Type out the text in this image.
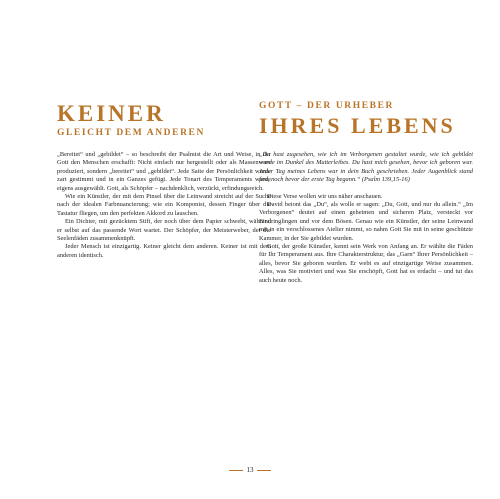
KEINER
GLEICHT DEM ANDEREN
GOTT – DER URHEBER
IHRES LEBENS

„Bereitet“ und „gebildet“ – so beschreibt der Psalmist die Art und Weise, in der Gott den Menschen erschafft: Nicht einfach nur hergestellt oder als Massenware produziert, sondern „bereitet“ und „gebildet“. Jede Saite der Persönlichkeit wurde zart gestimmt und in ein Ganzes gefügt. Jede Tonart des Temperaments wurde eigens ausgewählt. Gott, als Schöpfer – nachdenklich, verzückt, erfindungsreich.

Wie ein Künstler, der mit dem Pinsel über die Leinwand streicht auf der Suche nach der idealen Farbnuancierung; wie ein Komponist, dessen Finger über die Tastatur fliegen, um den perfekten Akkord zu lauschen.

Ein Dichter, mit gezücktem Stift, der noch über dem Papier schwebt, während er selbst auf das passende Wort wartet. Der Schöpfer, der Meisterweber, der die Seelenfäden zusammenknüpft.

Jeder Mensch ist einzigartig. Keiner gleicht dem anderen. Keiner ist mit dem anderen identisch.

„Du hast zugesehen, wie ich im Verborgenen gestaltet wurde, wie ich gebildet wurde im Dunkel des Mutterleibes. Du hast mich gesehen, bevor ich geboren war. Jeder Tag meines Lebens war in dein Buch geschrieben. Jeder Augenblick stand fest, noch bevor der erste Tag begann.“ (Psalm 139,15-16)

Diese Verse wollen wir uns näher anschauen.

David betont das „Du“, als wolle er sagen: „Du, Gott, und nur du allein.“ „Im Verborgenen“ deutet auf einen geheimen und sicheren Platz, versteckt vor Eindringlingen und vor dem Bösen. Genau wie ein Künstler, der seine Leinwand mit in ein verschlossenes Atelier nimmt, so nahm Gott Sie mit in seine geschützte Kammer, in der Sie gebildet wurden.

Gott, der große Künstler, kennt sein Werk von Anfang an. Er wählte die Fäden für Ihr Temperament aus. Ihre Charakterstruktur, das „Garn“ Ihrer Persönlichkeit – alles, bevor Sie geboren wurden. Er webt es auf einzigartige Weise zusammen. Alles, was Sie motiviert und was Sie erschöpft, Gott hat es erdacht – und tut das auch heute noch.

13
